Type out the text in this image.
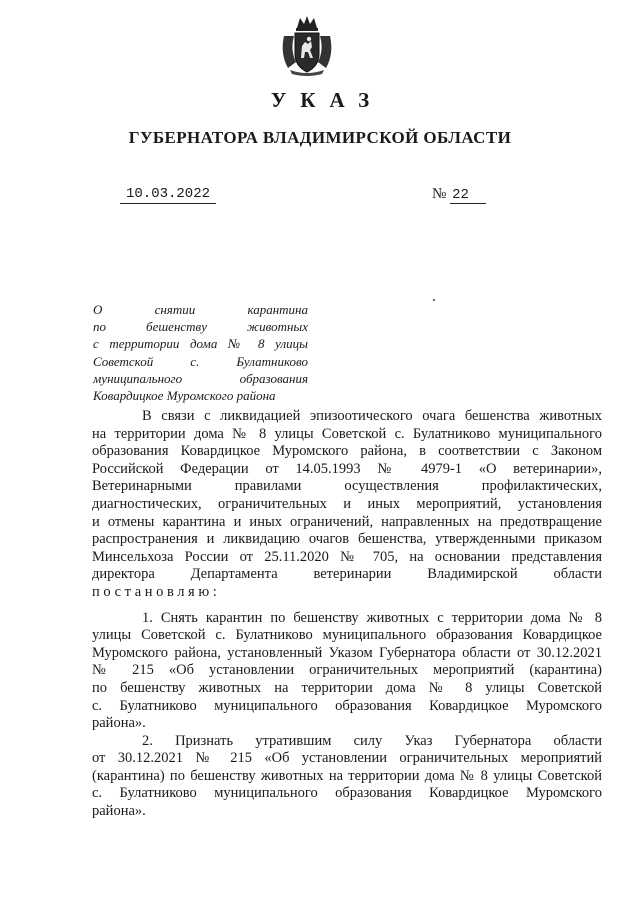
УКАЗ
ГУБЕРНАТОРА ВЛАДИМИРСКОЙ ОБЛАСТИ
10.03.2022	№ 22
О снятии карантина
по бешенству животных
с территории дома № 8 улицы
Советской с. Булатниково
муниципального образования
Ковардицкое Муромского района
В связи с ликвидацией эпизоотического очага бешенства животных
на территории дома № 8 улицы Советской с. Булатниково муниципального
образования Ковардицкое Муромского района, в соответствии с Законом
Российской Федерации от 14.05.1993 № 4979-1 «О ветеринарии»,
Ветеринарными правилами осуществления профилактических,
диагностических, ограничительных и иных мероприятий, установления
и отмены карантина и иных ограничений, направленных на предотвращение
распространения и ликвидацию очагов бешенства, утвержденными приказом
Минсельхоза России от 25.11.2020 № 705, на основании представления
директора Департамента ветеринарии Владимирской области
постановляю:
1. Снять карантин по бешенству животных с территории дома № 8
улицы Советской с. Булатниково муниципального образования Ковардицкое
Муромского района, установленный Указом Губернатора области от 30.12.2021
№ 215 «Об установлении ограничительных мероприятий (карантина)
по бешенству животных на территории дома № 8 улицы Советской
с. Булатниково муниципального образования Ковардицкое Муромского
района».
2. Признать утратившим силу Указ Губернатора области
от 30.12.2021 № 215 «Об установлении ограничительных мероприятий
(карантина) по бешенству животных на территории дома № 8 улицы Советской
с. Булатниково муниципального образования Ковардицкое Муромского
района».
